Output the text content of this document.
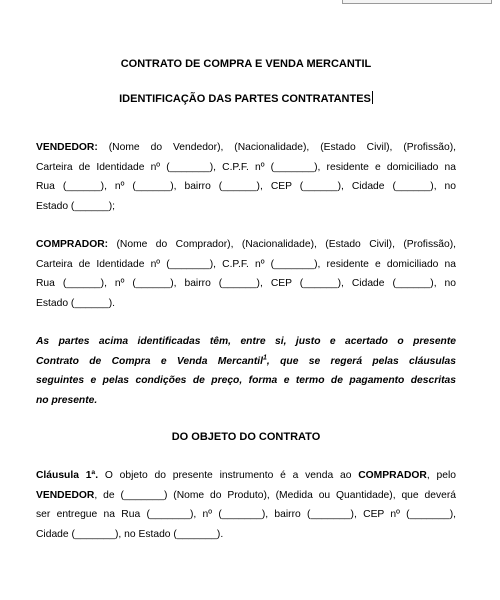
CONTRATO DE COMPRA E VENDA MERCANTIL
IDENTIFICAÇÃO DAS PARTES CONTRATANTES
VENDEDOR: (Nome do Vendedor), (Nacionalidade), (Estado Civil), (Profissão),
Carteira de Identidade nº (_______), C.P.F. nº (_______), residente e domiciliado na
Rua (______), nº (______), bairro (______), CEP (______), Cidade (______), no
Estado (______);
COMPRADOR: (Nome do Comprador), (Nacionalidade), (Estado Civil), (Profissão),
Carteira de Identidade nº (_______), C.P.F. nº (_______), residente e domiciliado na
Rua (______), nº (______), bairro (______), CEP (______), Cidade (______), no
Estado (______).
As partes acima identificadas têm, entre si, justo e acertado o presente
Contrato de Compra e Venda Mercantil$^1$, que se regerá pelas cláusulas
seguintes e pelas condições de preço, forma e termo de pagamento descritas
no presente.
DO OBJETO DO CONTRATO
Cláusula 1ª. O objeto do presente instrumento é a venda ao COMPRADOR, pelo
VENDEDOR, de (_______) (Nome do Produto), (Medida ou Quantidade), que deverá
ser entregue na Rua (_______), nº (_______), bairro (_______), CEP nº (_______),
Cidade (_______), no Estado (_______).
